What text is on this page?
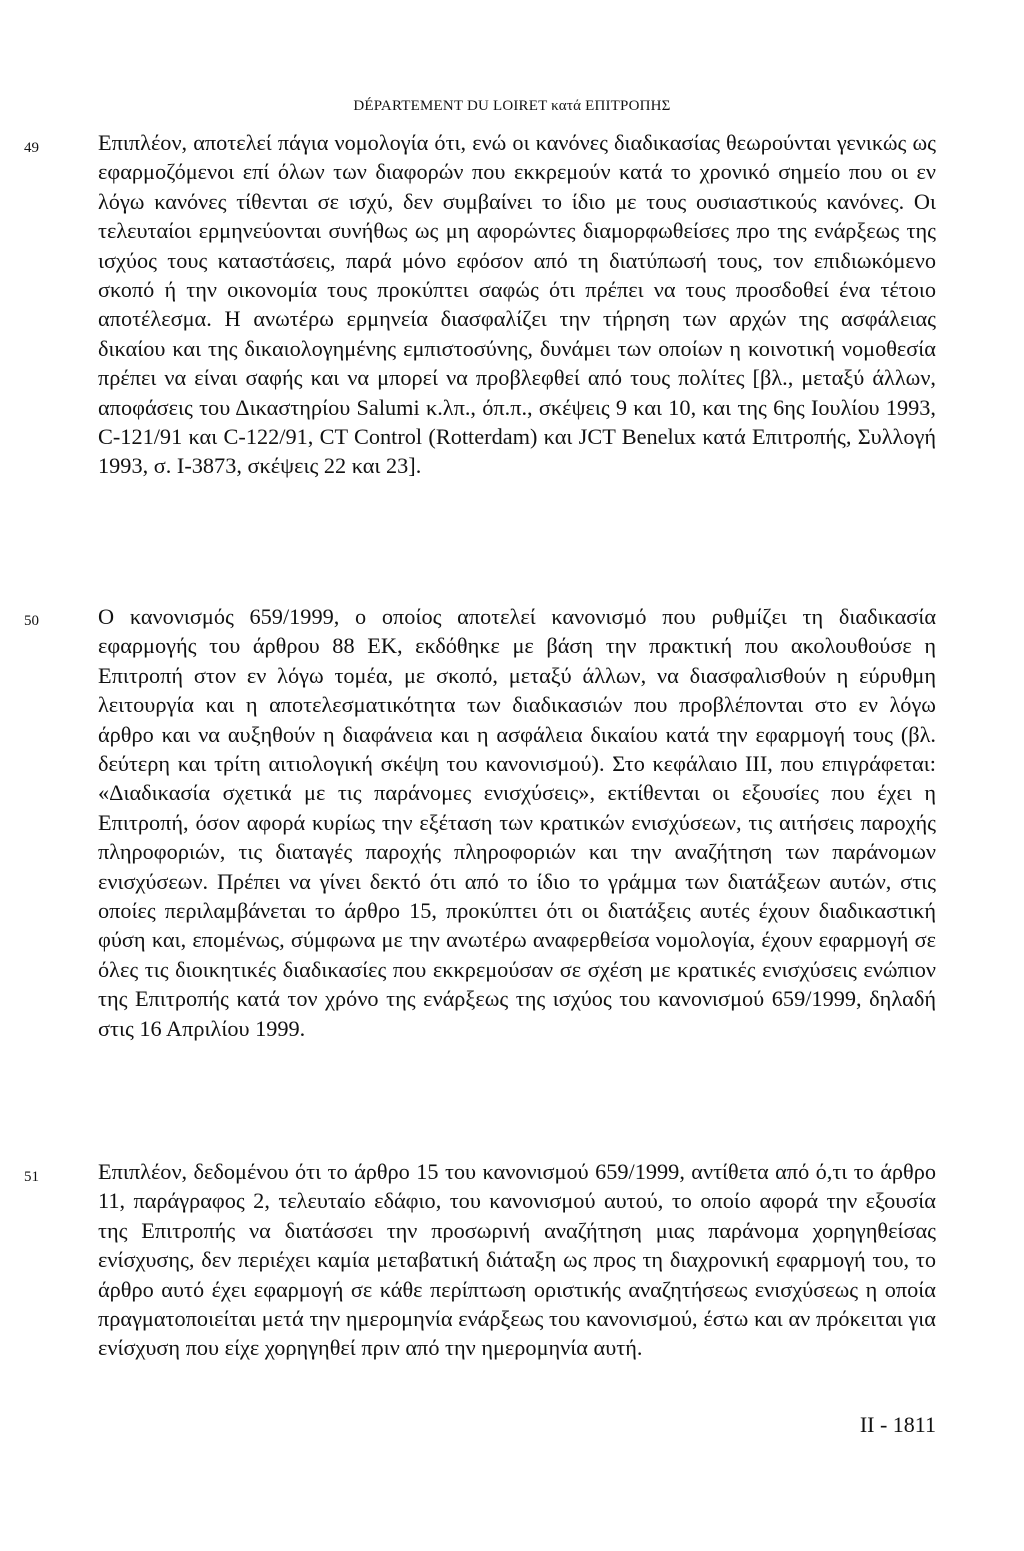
DÉPARTEMENT DU LOIRET κατά ΕΠΙΤΡΟΠΗΣ
49	Επιπλέον, αποτελεί πάγια νομολογία ότι, ενώ οι κανόνες διαδικασίας θεωρούνται γενικώς ως εφαρμοζόμενοι επί όλων των διαφορών που εκκρεμούν κατά το χρονικό σημείο που οι εν λόγω κανόνες τίθενται σε ισχύ, δεν συμβαίνει το ίδιο με τους ουσιαστικούς κανόνες. Οι τελευταίοι ερμηνεύονται συνήθως ως μη αφορώντες διαμορφωθείσες προ της ενάρξεως της ισχύος τους καταστάσεις, παρά μόνο εφόσον από τη διατύπωσή τους, τον επιδιωκόμενο σκοπό ή την οικονομία τους προκύπτει σαφώς ότι πρέπει να τους προσδοθεί ένα τέτοιο αποτέλεσμα. Η ανωτέρω ερμηνεία διασφαλίζει την τήρηση των αρχών της ασφάλειας δικαίου και της δικαιολογημένης εμπιστοσύνης, δυνάμει των οποίων η κοινοτική νομοθεσία πρέπει να είναι σαφής και να μπορεί να προβλεφθεί από τους πολίτες [βλ., μεταξύ άλλων, αποφάσεις του Δικαστηρίου Salumi κ.λπ., όπ.π., σκέψεις 9 και 10, και της 6ης Ιουλίου 1993, C-121/91 και C-122/91, CT Control (Rotterdam) και JCT Benelux κατά Επιτροπής, Συλλογή 1993, σ. I-3873, σκέψεις 22 και 23].

50	Ο κανονισμός 659/1999, ο οποίος αποτελεί κανονισμό που ρυθμίζει τη διαδικασία εφαρμογής του άρθρου 88 ΕΚ, εκδόθηκε με βάση την πρακτική που ακολουθούσε η Επιτροπή στον εν λόγω τομέα, με σκοπό, μεταξύ άλλων, να διασφαλισθούν η εύρυθμη λειτουργία και η αποτελεσματικότητα των διαδικασιών που προβλέπονται στο εν λόγω άρθρο και να αυξηθούν η διαφάνεια και η ασφάλεια δικαίου κατά την εφαρμογή τους (βλ. δεύτερη και τρίτη αιτιολογική σκέψη του κανονισμού). Στο κεφάλαιο III, που επιγράφεται: «Διαδικασία σχετικά με τις παράνομες ενισχύσεις», εκτίθενται οι εξουσίες που έχει η Επιτροπή, όσον αφορά κυρίως την εξέταση των κρατικών ενισχύσεων, τις αιτήσεις παροχής πληροφοριών, τις διαταγές παροχής πληροφοριών και την αναζήτηση των παράνομων ενισχύσεων. Πρέπει να γίνει δεκτό ότι από το ίδιο το γράμμα των διατάξεων αυτών, στις οποίες περιλαμβάνεται το άρθρο 15, προκύπτει ότι οι διατάξεις αυτές έχουν διαδικαστική φύση και, επομένως, σύμφωνα με την ανωτέρω αναφερθείσα νομολογία, έχουν εφαρμογή σε όλες τις διοικητικές διαδικασίες που εκκρεμούσαν σε σχέση με κρατικές ενισχύσεις ενώπιον της Επιτροπής κατά τον χρόνο της ενάρξεως της ισχύος του κανονισμού 659/1999, δηλαδή στις 16 Απριλίου 1999.

51	Επιπλέον, δεδομένου ότι το άρθρο 15 του κανονισμού 659/1999, αντίθετα από ό,τι το άρθρο 11, παράγραφος 2, τελευταίο εδάφιο, του κανονισμού αυτού, το οποίο αφορά την εξουσία της Επιτροπής να διατάσσει την προσωρινή αναζήτηση μιας παράνομα χορηγηθείσας ενίσχυσης, δεν περιέχει καμία μεταβατική διάταξη ως προς τη διαχρονική εφαρμογή του, το άρθρο αυτό έχει εφαρμογή σε κάθε περίπτωση οριστικής αναζητήσεως ενισχύσεως η οποία πραγματοποιείται μετά την ημερομηνία ενάρξεως του κανονισμού, έστω και αν πρόκειται για ενίσχυση που είχε χορηγηθεί πριν από την ημερομηνία αυτή.

II - 1811
